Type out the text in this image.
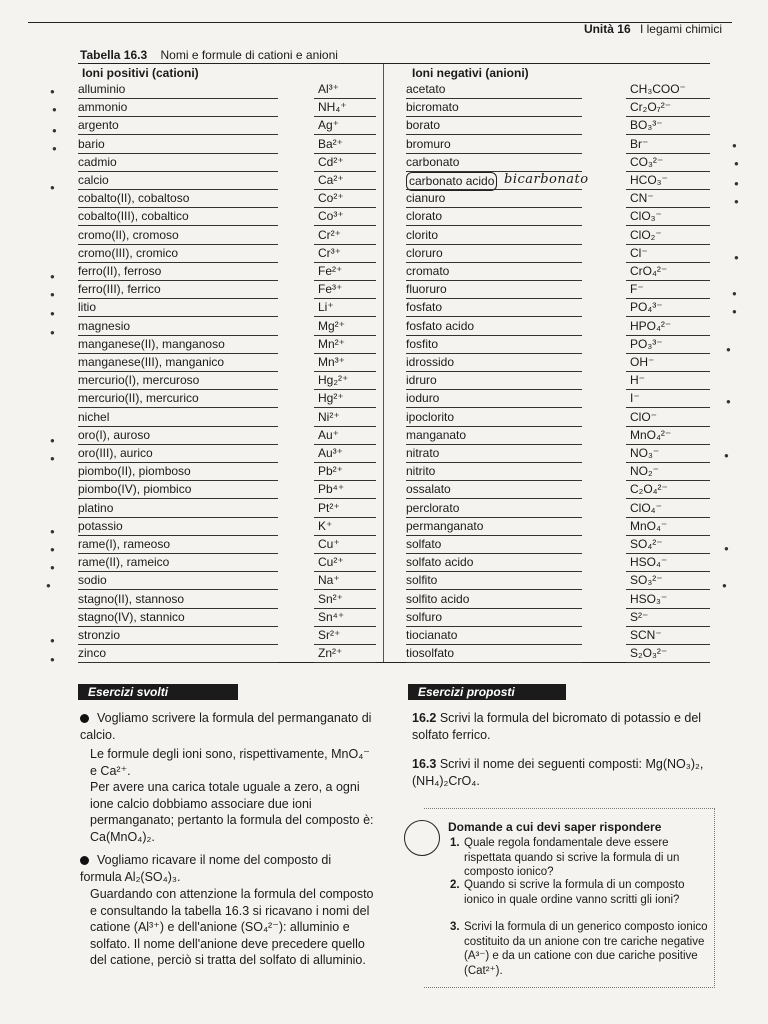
Unità 16 I legami chimici
Tabella 16.3 Nomi e formule di cationi e anioni
Ioni positivi (cationi)	Ioni negativi (anioni)
alluminio	Al³⁺
ammonio	NH₄⁺
argento	Ag⁺
bario	Ba²⁺
cadmio	Cd²⁺
calcio	Ca²⁺
cobalto(II), cobaltoso	Co²⁺
cobalto(III), cobaltico	Co³⁺
cromo(II), cromoso	Cr²⁺
cromo(III), cromico	Cr³⁺
ferro(II), ferroso	Fe²⁺
ferro(III), ferrico	Fe³⁺
litio	Li⁺
magnesio	Mg²⁺
manganese(II), manganoso	Mn²⁺
manganese(III), manganico	Mn³⁺
mercurio(I), mercuroso	Hg₂²⁺
mercurio(II), mercurico	Hg²⁺
nichel	Ni²⁺
oro(I), auroso	Au⁺
oro(III), aurico	Au³⁺
piombo(II), piomboso	Pb²⁺
piombo(IV), piombico	Pb⁴⁺
platino	Pt²⁺
potassio	K⁺
rame(I), rameoso	Cu⁺
rame(II), rameico	Cu²⁺
sodio	Na⁺
stagno(II), stannoso	Sn²⁺
stagno(IV), stannico	Sn⁴⁺
stronzio	Sr²⁺
zinco	Zn²⁺
acetato	CH₃COO⁻
bicromato	Cr₂O₇²⁻
borato	BO₃³⁻
bromuro	Br⁻
carbonato	CO₃²⁻
carbonato acido	HCO₃⁻
bicarbonato
cianuro	CN⁻
clorato	ClO₃⁻
clorito	ClO₂⁻
cloruro	Cl⁻
cromato	CrO₄²⁻
fluoruro	F⁻
fosfato	PO₄³⁻
fosfato acido	HPO₄²⁻
fosfito	PO₃³⁻
idrossido	OH⁻
idruro	H⁻
ioduro	I⁻
ipoclorito	ClO⁻
manganato	MnO₄²⁻
nitrato	NO₃⁻
nitrito	NO₂⁻
ossalato	C₂O₄²⁻
perclorato	ClO₄⁻
permanganato	MnO₄⁻
solfato	SO₄²⁻
solfato acido	HSO₄⁻
solfito	SO₃²⁻
solfito acido	HSO₃⁻
solfuro	S²⁻
tiocianato	SCN⁻
tiosolfato	S₂O₃²⁻
Esercizi svolti	Esercizi proposti
Vogliamo scrivere la formula del permanganato di calcio.
Le formule degli ioni sono, rispettivamente, MnO₄⁻ e Ca²⁺.
Per avere una carica totale uguale a zero, a ogni ione calcio dobbiamo associare due ioni permanganato; pertanto la formula del composto è: Ca(MnO₄)₂.
Vogliamo ricavare il nome del composto di formula Al₂(SO₄)₃.
Guardando con attenzione la formula del composto e consultando la tabella 16.3 si ricavano i nomi del catione (Al³⁺) e dell'anione (SO₄²⁻): alluminio e solfato. Il nome dell'anione deve precedere quello del catione, perciò si tratta del solfato di alluminio.
16.2 Scrivi la formula del bicromato di potassio e del solfato ferrico.
16.3 Scrivi il nome dei seguenti composti: Mg(NO₃)₂, (NH₄)₂CrO₄.
Domande a cui devi saper rispondere
1. Quale regola fondamentale deve essere rispettata quando si scrive la formula di un composto ionico?
2. Quando si scrive la formula di un composto ionico in quale ordine vanno scritti gli ioni?
3. Scrivi la formula di un generico composto ionico costituito da un anione con tre cariche negative (A³⁻) e da un catione con due cariche positive (Cat²⁺).
●
●
●
●
●
●
●
●
●
●
●
●
●
●
●
●
●
●
●
●
●
●
●
●
●
●
●
●
●
